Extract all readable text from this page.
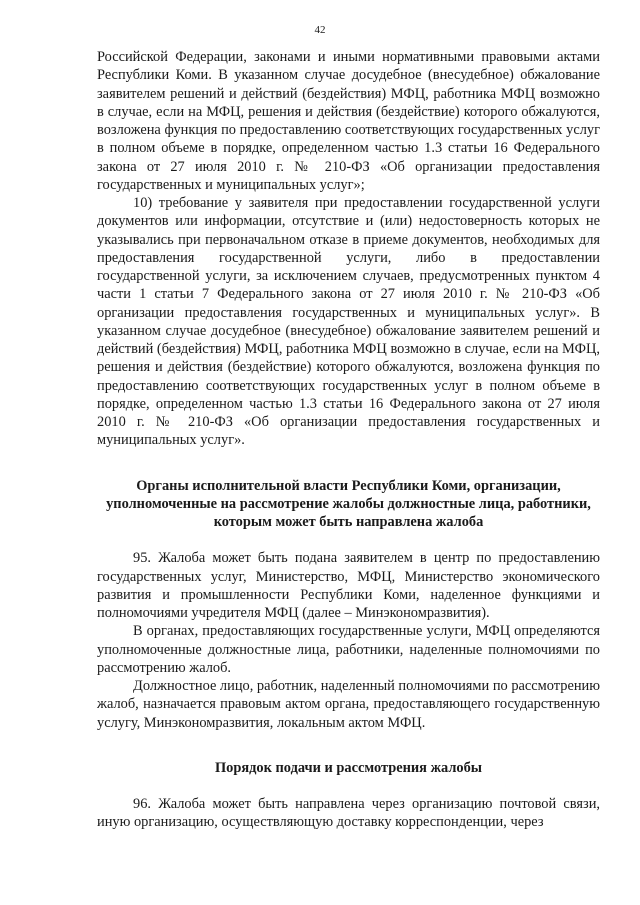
42

Российской Федерации, законами и иными нормативными правовыми актами Республики Коми. В указанном случае досудебное (внесудебное) обжалование заявителем решений и действий (бездействия) МФЦ, работника МФЦ возможно в случае, если на МФЦ, решения и действия (бездействие) которого обжалуются, возложена функция по предоставлению соответствующих государственных услуг в полном объеме в порядке, определенном частью 1.3 статьи 16 Федерального закона от 27 июля 2010 г. № 210-ФЗ «Об организации предоставления государственных и муниципальных услуг»;

10) требование у заявителя при предоставлении государственной услуги документов или информации, отсутствие и (или) недостоверность которых не указывались при первоначальном отказе в приеме документов, необходимых для предоставления государственной услуги, либо в предоставлении государственной услуги, за исключением случаев, предусмотренных пунктом 4 части 1 статьи 7 Федерального закона от 27 июля 2010 г. № 210-ФЗ «Об организации предоставления государственных и муниципальных услуг». В указанном случае досудебное (внесудебное) обжалование заявителем решений и действий (бездействия) МФЦ, работника МФЦ возможно в случае, если на МФЦ, решения и действия (бездействие) которого обжалуются, возложена функция по предоставлению соответствующих государственных услуг в полном объеме в порядке, определенном частью 1.3 статьи 16 Федерального закона от 27 июля 2010 г. № 210-ФЗ «Об организации предоставления государственных и муниципальных услуг».

Органы исполнительной власти Республики Коми, организации, уполномоченные на рассмотрение жалобы должностные лица, работники, которым может быть направлена жалоба

95. Жалоба может быть подана заявителем в центр по предоставлению государственных услуг, Министерство, МФЦ, Министерство экономического развития и промышленности Республики Коми, наделенное функциями и полномочиями учредителя МФЦ (далее – Минэкономразвития).

В органах, предоставляющих государственные услуги, МФЦ определяются уполномоченные должностные лица, работники, наделенные полномочиями по рассмотрению жалоб.

Должностное лицо, работник, наделенный полномочиями по рассмотрению жалоб, назначается правовым актом органа, предоставляющего государственную услугу, Минэкономразвития, локальным актом МФЦ.

Порядок подачи и рассмотрения жалобы

96. Жалоба может быть направлена через организацию почтовой связи, иную организацию, осуществляющую доставку корреспонденции, через
